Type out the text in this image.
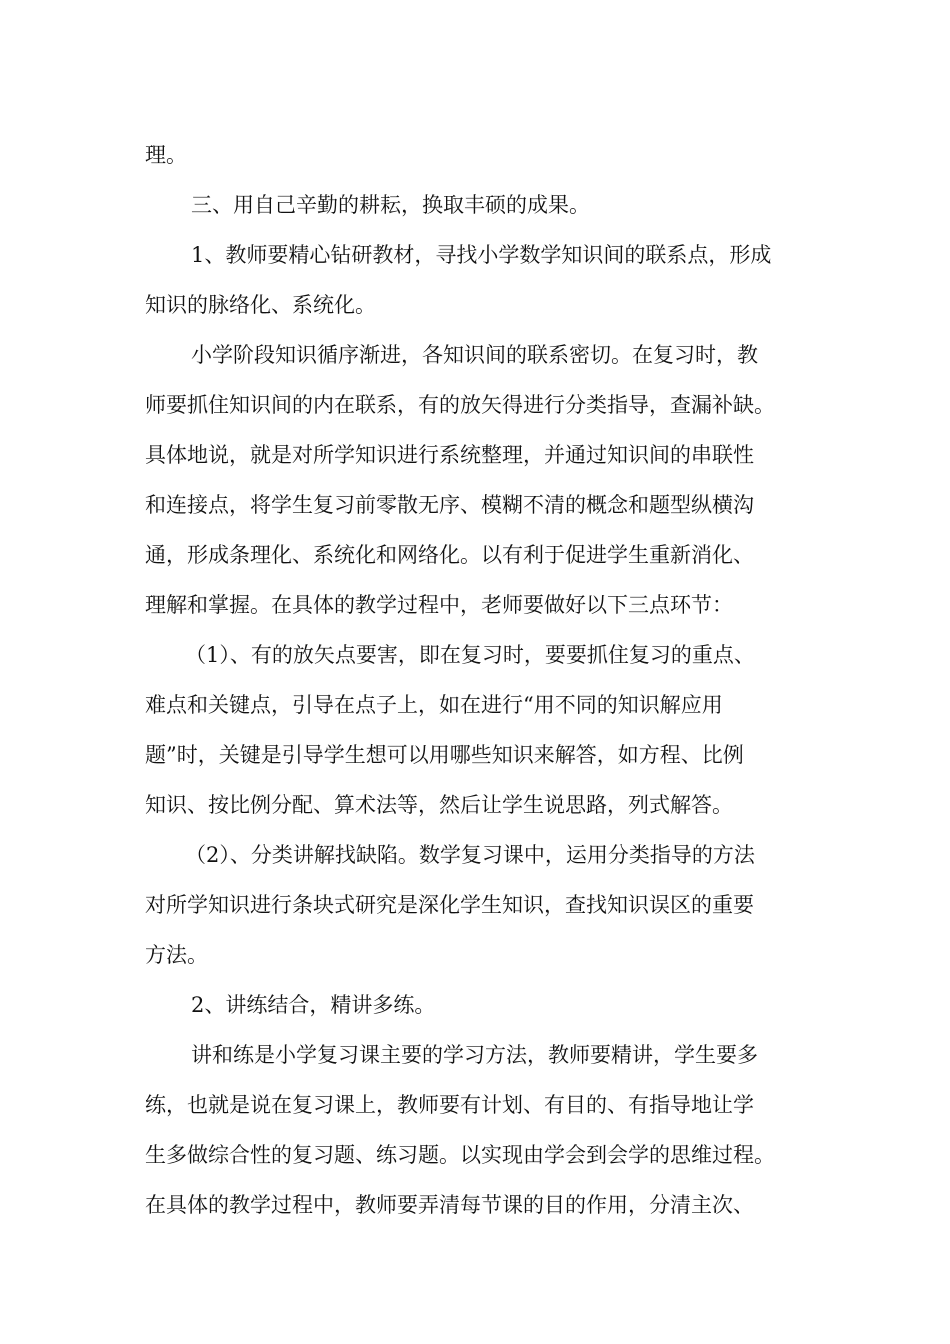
理。
三、用自己辛勤的耕耘，换取丰硕的成果。
1、教师要精心钻研教材，寻找小学数学知识间的联系点，形成
知识的脉络化、系统化。
小学阶段知识循序渐进，各知识间的联系密切。在复习时，教
师要抓住知识间的内在联系，有的放矢得进行分类指导，查漏补缺。
具体地说，就是对所学知识进行系统整理，并通过知识间的串联性
和连接点，将学生复习前零散无序、模糊不清的概念和题型纵横沟
通，形成条理化、系统化和网络化。以有利于促进学生重新消化、
理解和掌握。在具体的教学过程中，老师要做好以下三点环节：
（1）、有的放矢点要害，即在复习时，要要抓住复习的重点、
难点和关键点，引导在点子上，如在进行“用不同的知识解应用
题”时，关键是引导学生想可以用哪些知识来解答，如方程、比例
知识、按比例分配、算术法等，然后让学生说思路，列式解答。
（2）、分类讲解找缺陷。数学复习课中，运用分类指导的方法
对所学知识进行条块式研究是深化学生知识，查找知识误区的重要
方法。
2、讲练结合，精讲多练。
讲和练是小学复习课主要的学习方法，教师要精讲，学生要多
练，也就是说在复习课上，教师要有计划、有目的、有指导地让学
生多做综合性的复习题、练习题。以实现由学会到会学的思维过程。
在具体的教学过程中，教师要弄清每节课的目的作用，分清主次、
